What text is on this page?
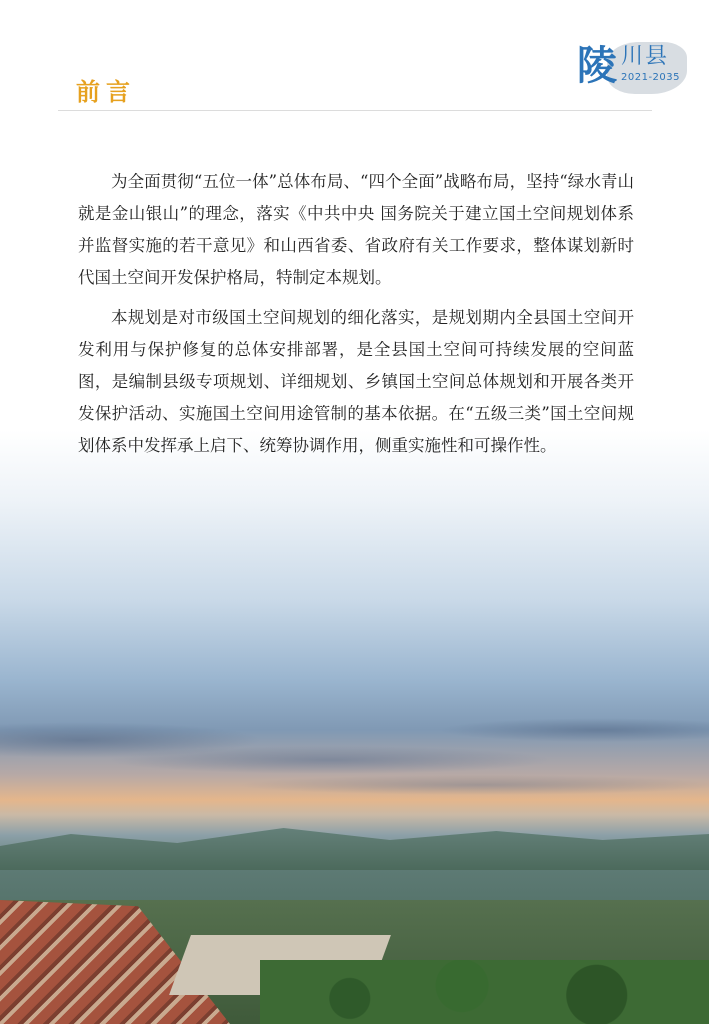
陵 川县
2021-2035
前言

为全面贯彻“五位一体”总体布局、“四个全面”战略布局，坚持“绿水青山就是金山银山”的理念，落实《中共中央 国务院关于建立国土空间规划体系并监督实施的若干意见》和山西省委、省政府有关工作要求，整体谋划新时代国土空间开发保护格局，特制定本规划。

本规划是对市级国土空间规划的细化落实，是规划期内全县国土空间开发利用与保护修复的总体安排部署，是全县国土空间可持续发展的空间蓝图，是编制县级专项规划、详细规划、乡镇国土空间总体规划和开展各类开发保护活动、实施国土空间用途管制的基本依据。在“五级三类”国土空间规划体系中发挥承上启下、统筹协调作用，侧重实施性和可操作性。
